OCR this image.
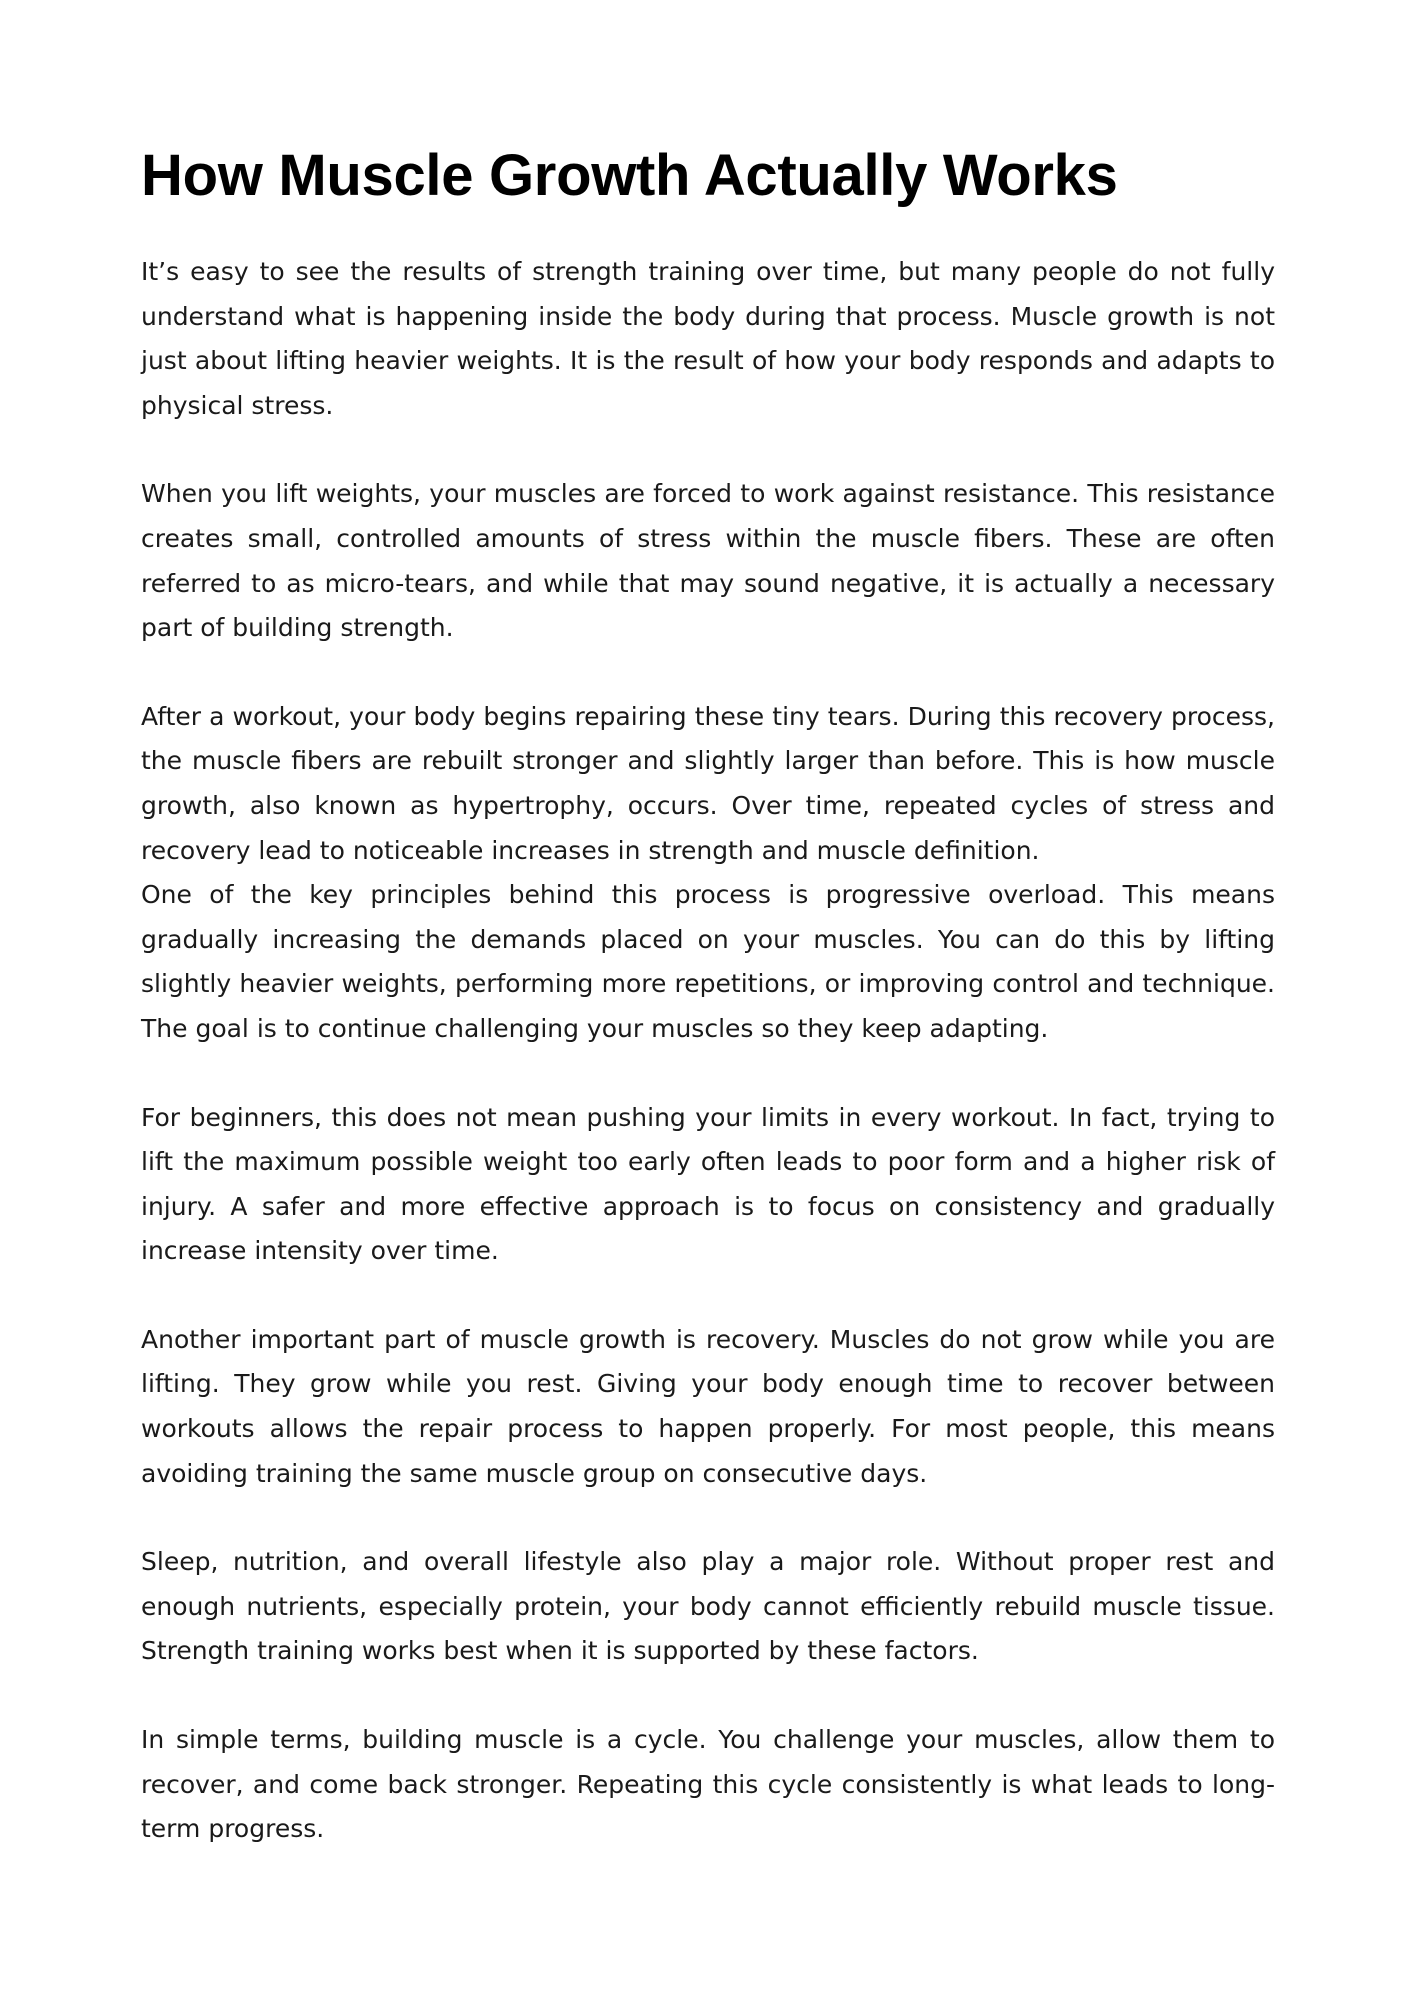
How Muscle Growth Actually Works

It’s easy to see the results of strength training over time, but many people do not fully understand what is happening inside the body during that process. Muscle growth is not just about lifting heavier weights. It is the result of how your body responds and adapts to physical stress.

When you lift weights, your muscles are forced to work against resistance. This resistance creates small, controlled amounts of stress within the muscle fibers. These are often referred to as micro-tears, and while that may sound negative, it is actually a necessary part of building strength.

After a workout, your body begins repairing these tiny tears. During this recovery process, the muscle fibers are rebuilt stronger and slightly larger than before. This is how muscle growth, also known as hypertrophy, occurs. Over time, repeated cycles of stress and recovery lead to noticeable increases in strength and muscle definition.

One of the key principles behind this process is progressive overload. This means gradually increasing the demands placed on your muscles. You can do this by lifting slightly heavier weights, performing more repetitions, or improving control and technique. The goal is to continue challenging your muscles so they keep adapting.

For beginners, this does not mean pushing your limits in every workout. In fact, trying to lift the maximum possible weight too early often leads to poor form and a higher risk of injury. A safer and more effective approach is to focus on consistency and gradually increase intensity over time.

Another important part of muscle growth is recovery. Muscles do not grow while you are lifting. They grow while you rest. Giving your body enough time to recover between workouts allows the repair process to happen properly. For most people, this means avoiding training the same muscle group on consecutive days.

Sleep, nutrition, and overall lifestyle also play a major role. Without proper rest and enough nutrients, especially protein, your body cannot efficiently rebuild muscle tissue. Strength training works best when it is supported by these factors.

In simple terms, building muscle is a cycle. You challenge your muscles, allow them to recover, and come back stronger. Repeating this cycle consistently is what leads to long-term progress.
